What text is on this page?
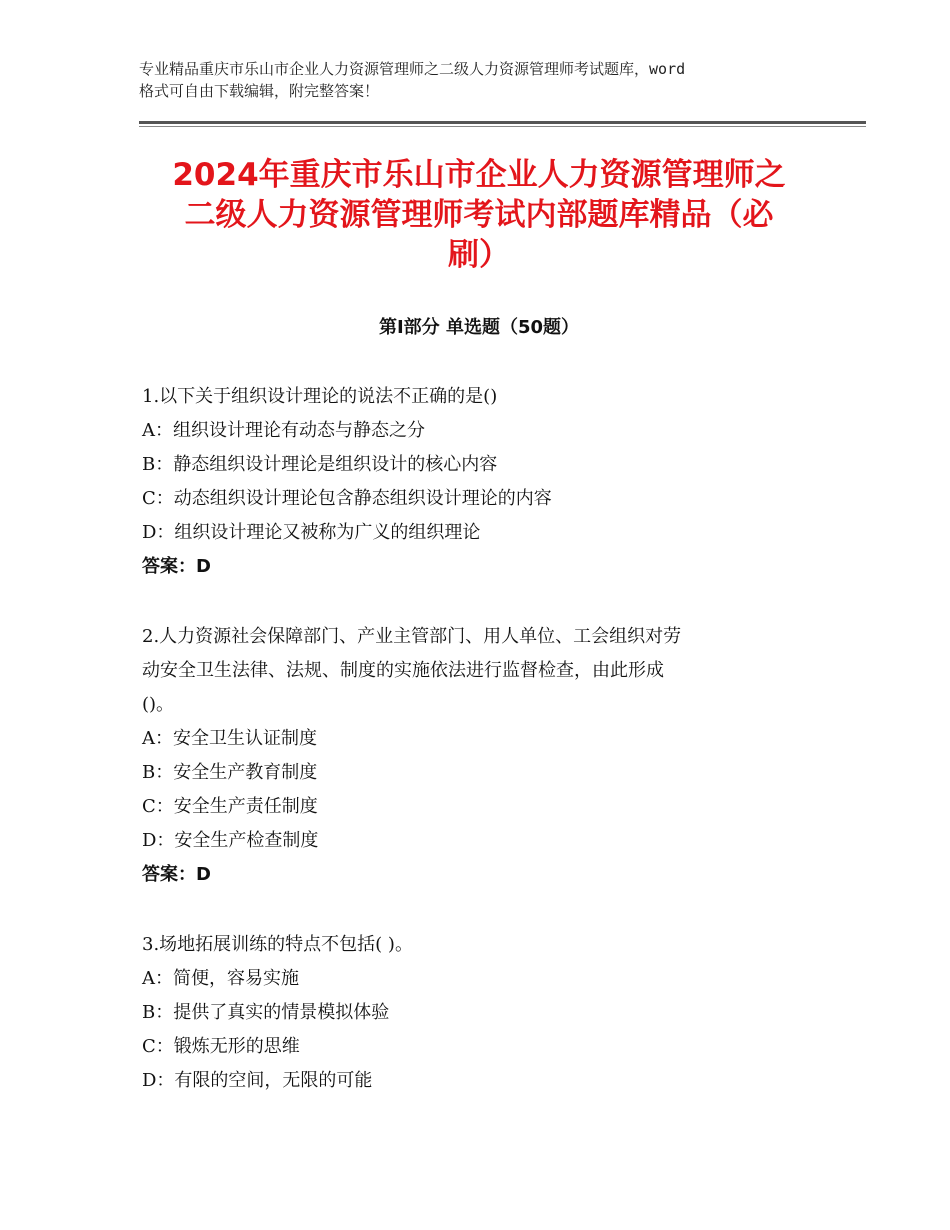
专业精品重庆市乐山市企业人力资源管理师之二级人力资源管理师考试题库，word
格式可自由下载编辑，附完整答案！
2024年重庆市乐山市企业人力资源管理师之
二级人力资源管理师考试内部题库精品（必
刷）
第Ⅰ部分 单选题（50题）
1.以下关于组织设计理论的说法不正确的是()
A：组织设计理论有动态与静态之分
B：静态组织设计理论是组织设计的核心内容
C：动态组织设计理论包含静态组织设计理论的内容
D：组织设计理论又被称为广义的组织理论
答案：D
2.人力资源社会保障部门、产业主管部门、用人单位、工会组织对劳
动安全卫生法律、法规、制度的实施依法进行监督检查，由此形成
()。
A：安全卫生认证制度
B：安全生产教育制度
C：安全生产责任制度
D：安全生产检查制度
答案：D
3.场地拓展训练的特点不包括( )。
A：简便，容易实施
B：提供了真实的情景模拟体验
C：锻炼无形的思维
D：有限的空间，无限的可能
